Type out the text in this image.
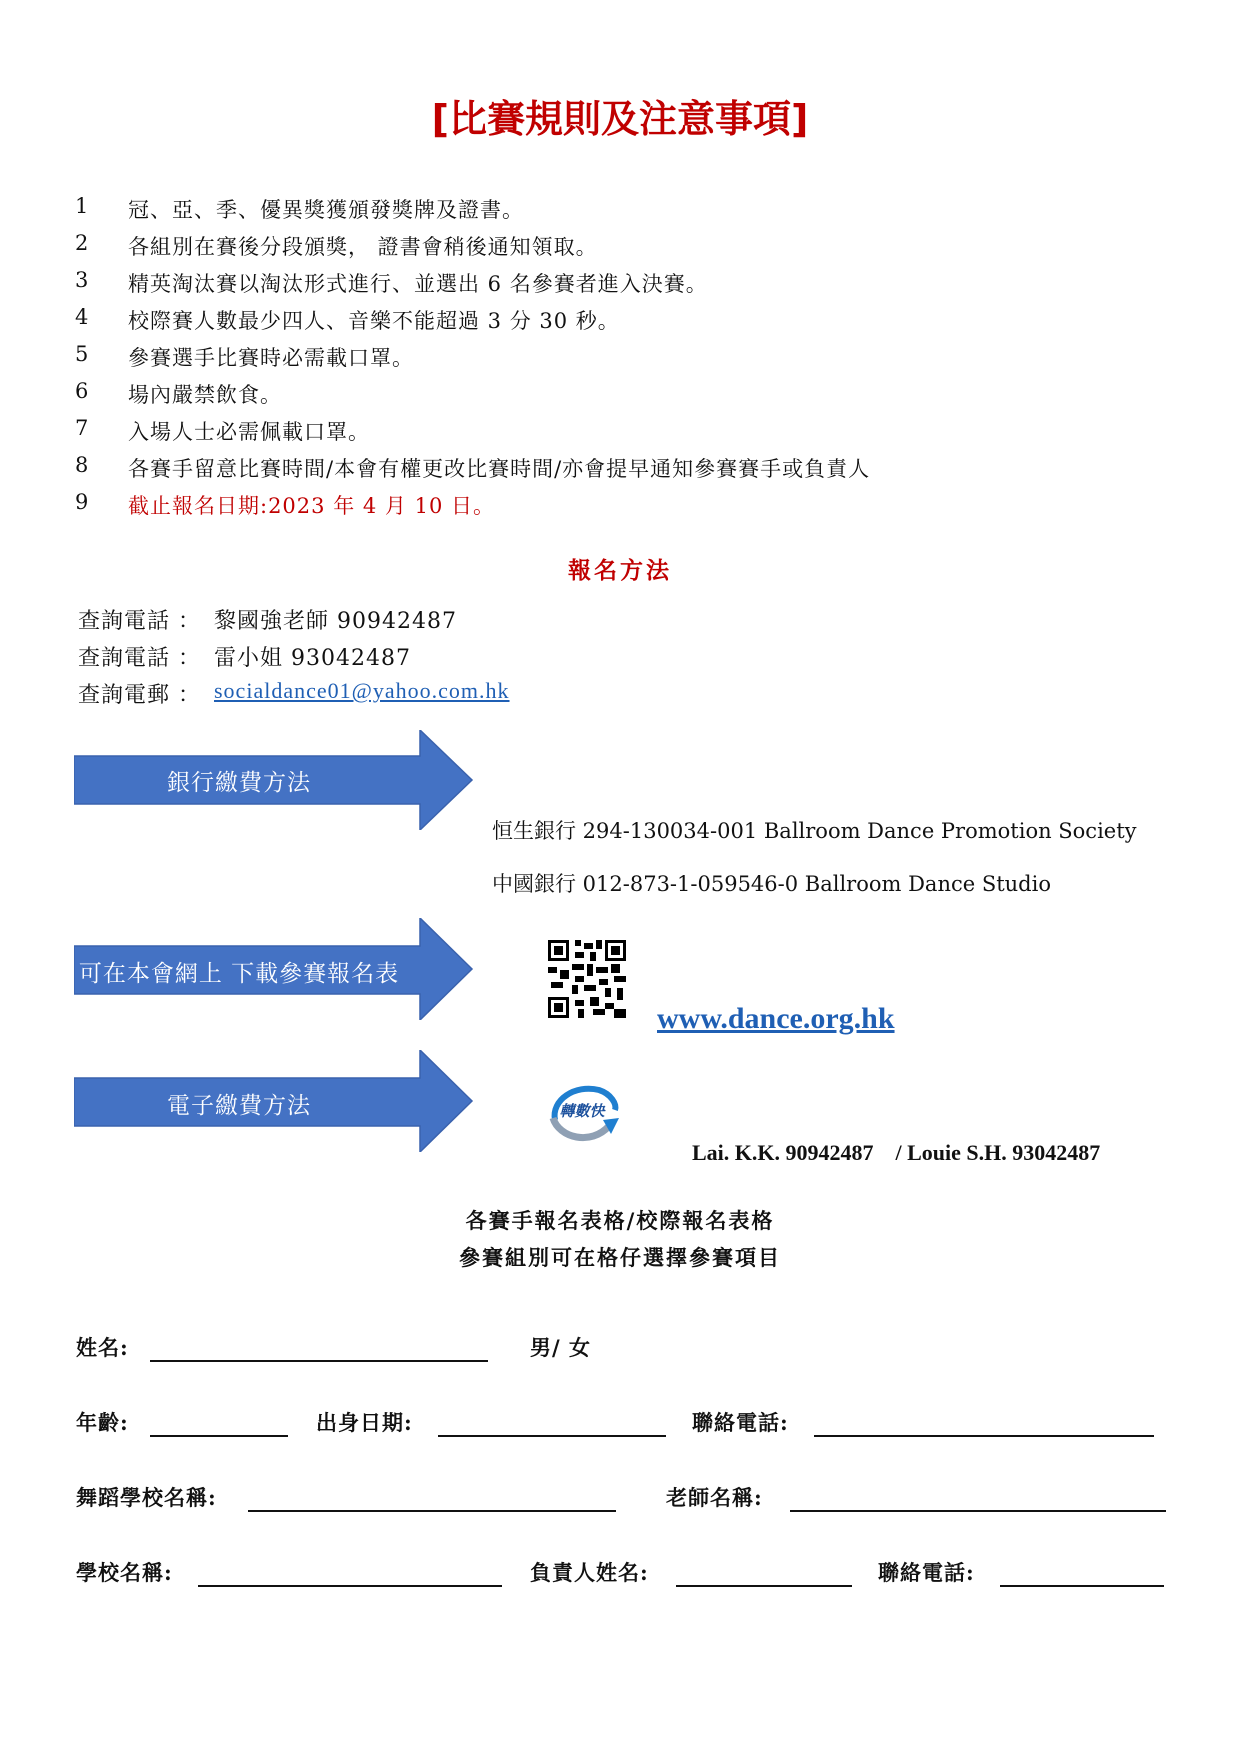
[比賽規則及注意事項]
1 冠、亞、季、優異獎獲頒發獎牌及證書。
2 各組別在賽後分段頒獎， 證書會稍後通知領取。
3 精英淘汰賽以淘汰形式進行、並選出 6 名參賽者進入決賽。
4 校際賽人數最少四人、音樂不能超過 3 分 30 秒。
5 參賽選手比賽時必需載口罩。
6 場內嚴禁飲食。
7 入場人士必需佩載口罩。
8 各賽手留意比賽時間/本會有權更改比賽時間/亦會提早通知參賽賽手或負責人
9 截止報名日期:2023 年 4 月 10 日。
報名方法
查詢電話 ： 黎國強老師 90942487
查詢電話 ： 雷小姐 93042487
查詢電郵 ： socialdance01@yahoo.com.hk
銀行繳費方法
恒生銀行 294-130034-001 Ballroom Dance Promotion Society
中國銀行 012-873-1-059546-0 Ballroom Dance Studio
可在本會網上 下載參賽報名表
www.dance.org.hk
電子繳費方法	轉數快
Lai. K.K. 90942487    / Louie S.H. 93042487
各賽手報名表格/校際報名表格
參賽組別可在格仔選擇參賽項目
姓名:	男/ 女
年齡:	出身日期:	聯絡電話:
舞蹈學校名稱:	老師名稱:
學校名稱:	負責人姓名:	聯絡電話:
